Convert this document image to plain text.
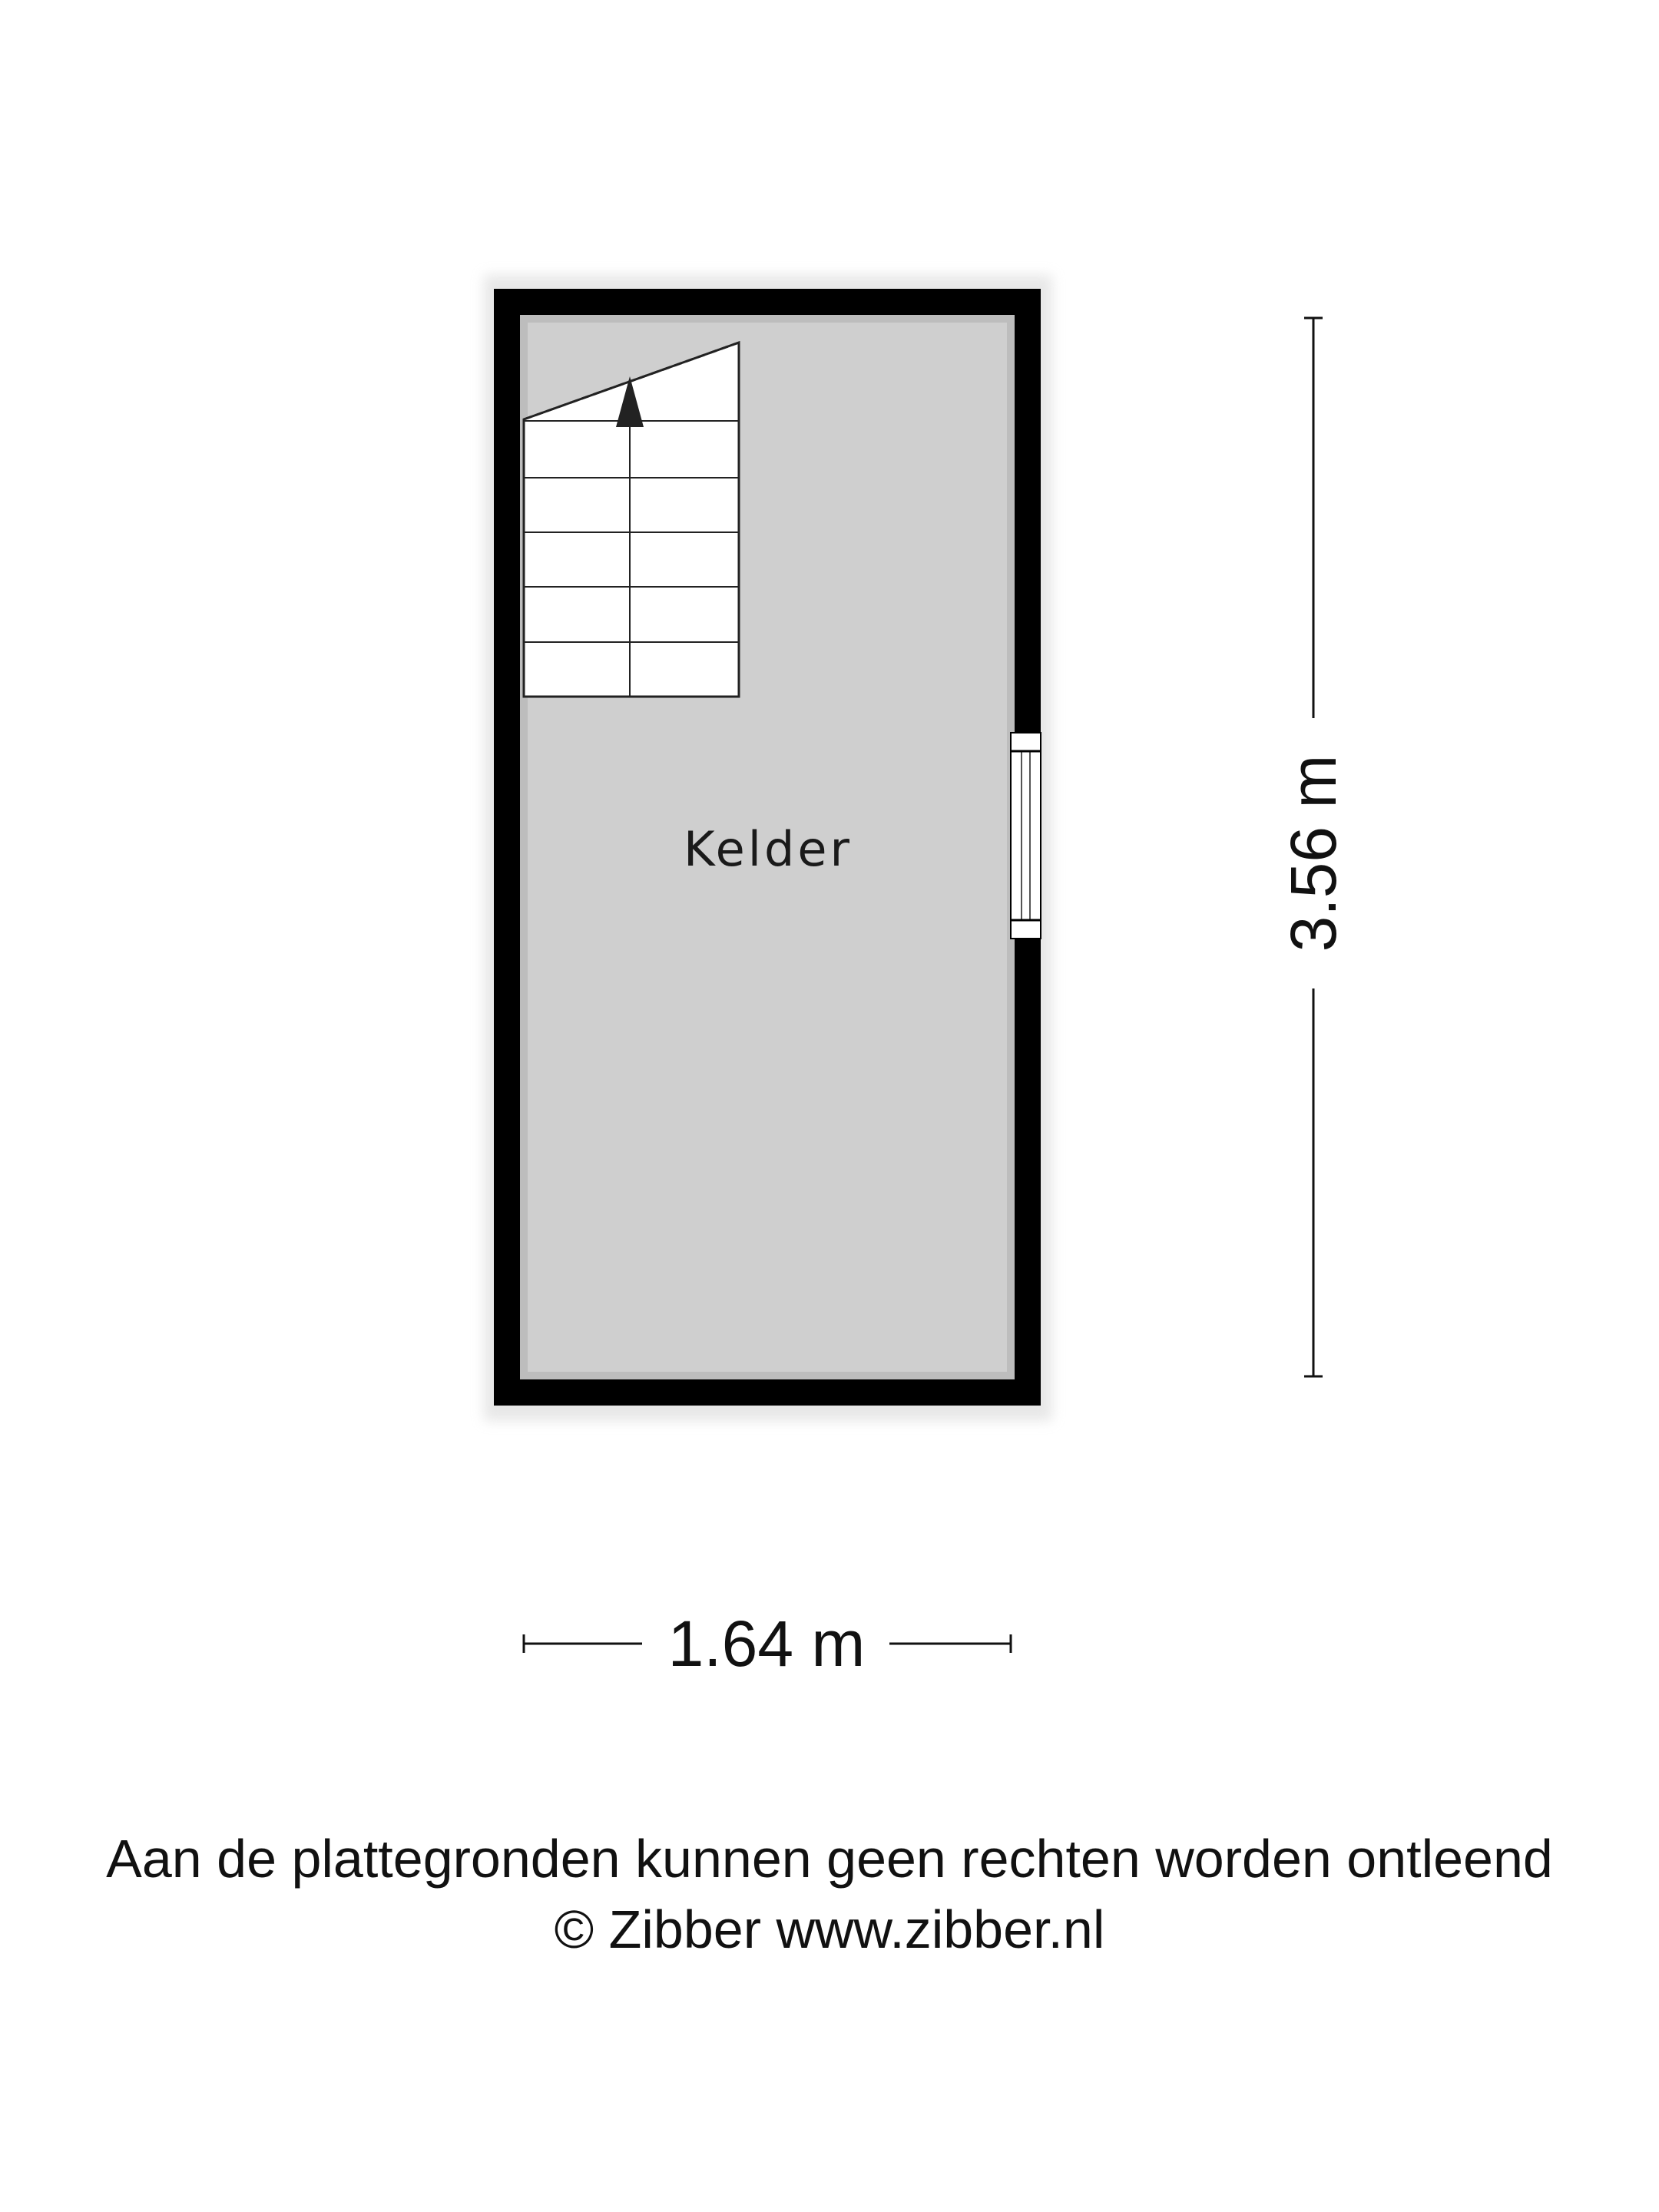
Kelder	3.56 m
1.64 m
Aan de plattegronden kunnen geen rechten worden ontleend
© Zibber www.zibber.nl
